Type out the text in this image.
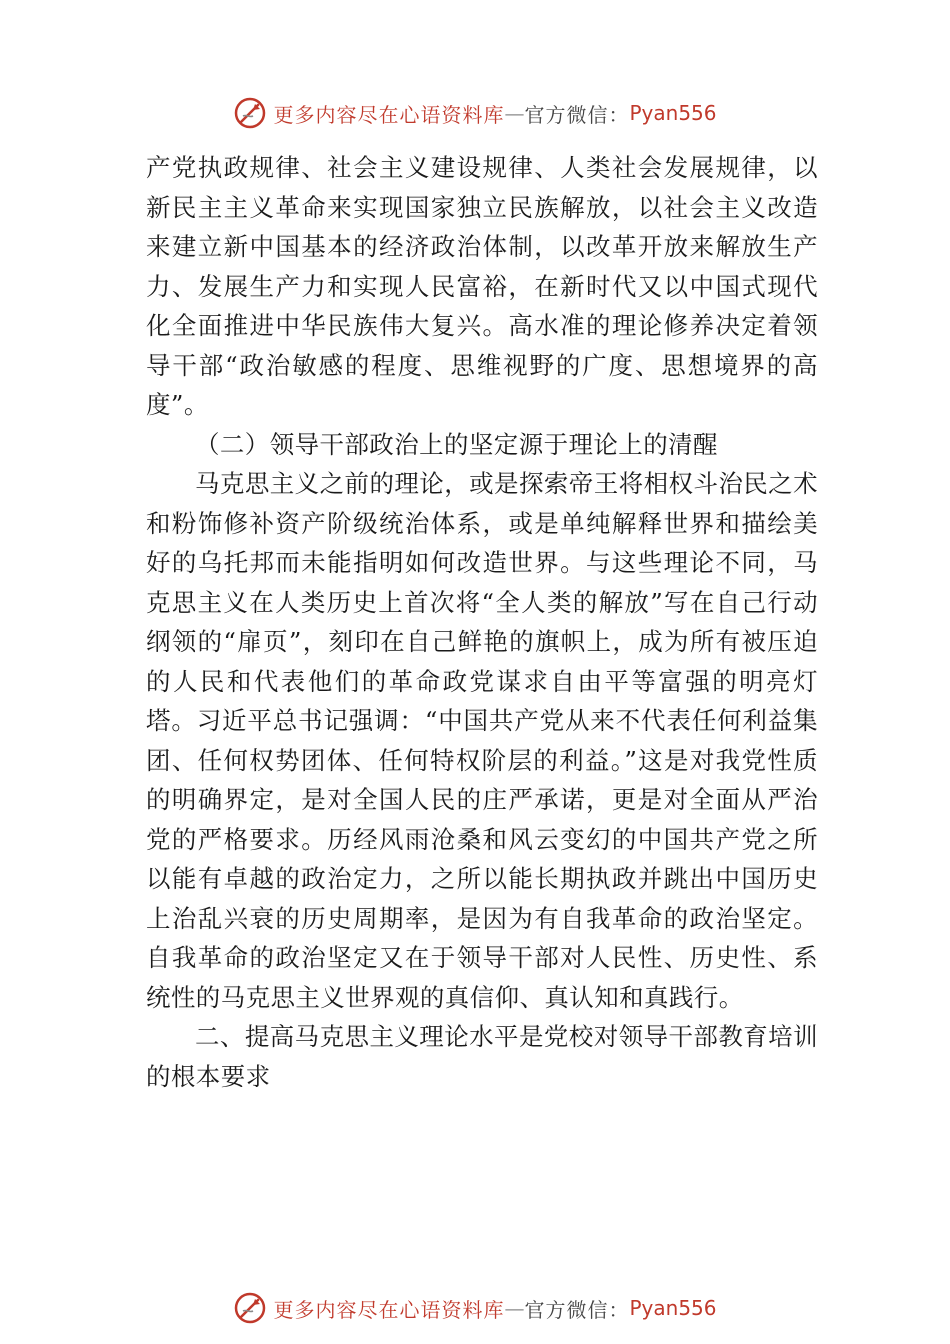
更多内容尽在心语资料库 — 官方微信： Pyan556

产党执政规律、社会主义建设规律、人类社会发展规律，以新民主主义革命来实现国家独立民族解放，以社会主义改造来建立新中国基本的经济政治体制，以改革开放来解放生产力、发展生产力和实现人民富裕，在新时代又以中国式现代化全面推进中华民族伟大复兴。高水准的理论修养决定着领导干部“政治敏感的程度、思维视野的广度、思想境界的高度”。

（二）领导干部政治上的坚定源于理论上的清醒

马克思主义之前的理论，或是探索帝王将相权斗治民之术和粉饰修补资产阶级统治体系，或是单纯解释世界和描绘美好的乌托邦而未能指明如何改造世界。与这些理论不同，马克思主义在人类历史上首次将“全人类的解放”写在自己行动纲领的“扉页”，刻印在自己鲜艳的旗帜上，成为所有被压迫的人民和代表他们的革命政党谋求自由平等富强的明亮灯塔。习近平总书记强调：“中国共产党从来不代表任何利益集团、任何权势团体、任何特权阶层的利益。”这是对我党性质的明确界定，是对全国人民的庄严承诺，更是对全面从严治党的严格要求。历经风雨沧桑和风云变幻的中国共产党之所以能有卓越的政治定力，之所以能长期执政并跳出中国历史上治乱兴衰的历史周期率，是因为有自我革命的政治坚定。自我革命的政治坚定又在于领导干部对人民性、历史性、系统性的马克思主义世界观的真信仰、真认知和真践行。

二、提高马克思主义理论水平是党校对领导干部教育培训的根本要求

更多内容尽在心语资料库 — 官方微信： Pyan556
